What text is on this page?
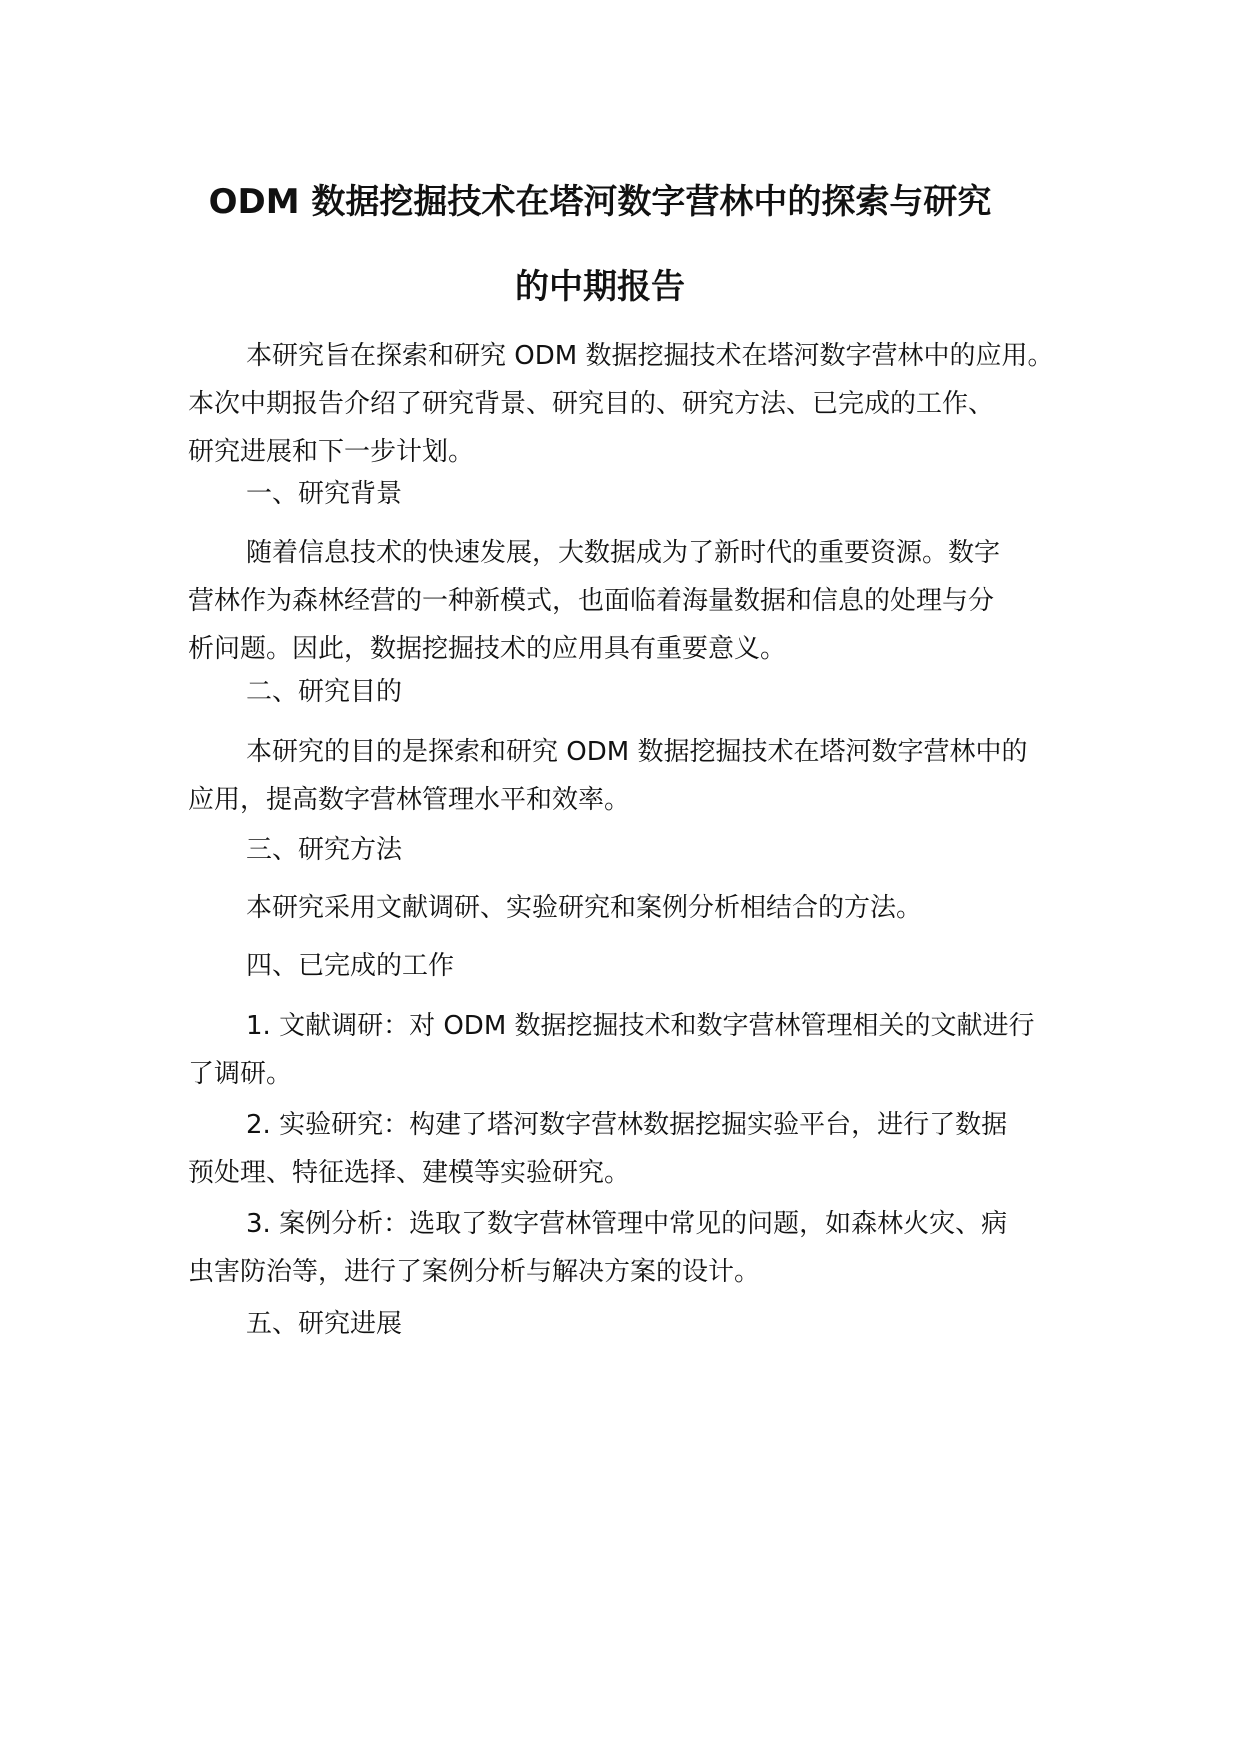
ODM 数据挖掘技术在塔河数字营林中的探索与研究
的中期报告
本研究旨在探索和研究 ODM 数据挖掘技术在塔河数字营林中的应用。
本次中期报告介绍了研究背景、研究目的、研究方法、已完成的工作、
研究进展和下一步计划。
一、研究背景
随着信息技术的快速发展，大数据成为了新时代的重要资源。数字
营林作为森林经营的一种新模式，也面临着海量数据和信息的处理与分
析问题。因此，数据挖掘技术的应用具有重要意义。
二、研究目的
本研究的目的是探索和研究 ODM 数据挖掘技术在塔河数字营林中的
应用，提高数字营林管理水平和效率。
三、研究方法
本研究采用文献调研、实验研究和案例分析相结合的方法。
四、已完成的工作
1. 文献调研：对 ODM 数据挖掘技术和数字营林管理相关的文献进行
了调研。
2. 实验研究：构建了塔河数字营林数据挖掘实验平台，进行了数据
预处理、特征选择、建模等实验研究。
3. 案例分析：选取了数字营林管理中常见的问题，如森林火灾、病
虫害防治等，进行了案例分析与解决方案的设计。
五、研究进展
